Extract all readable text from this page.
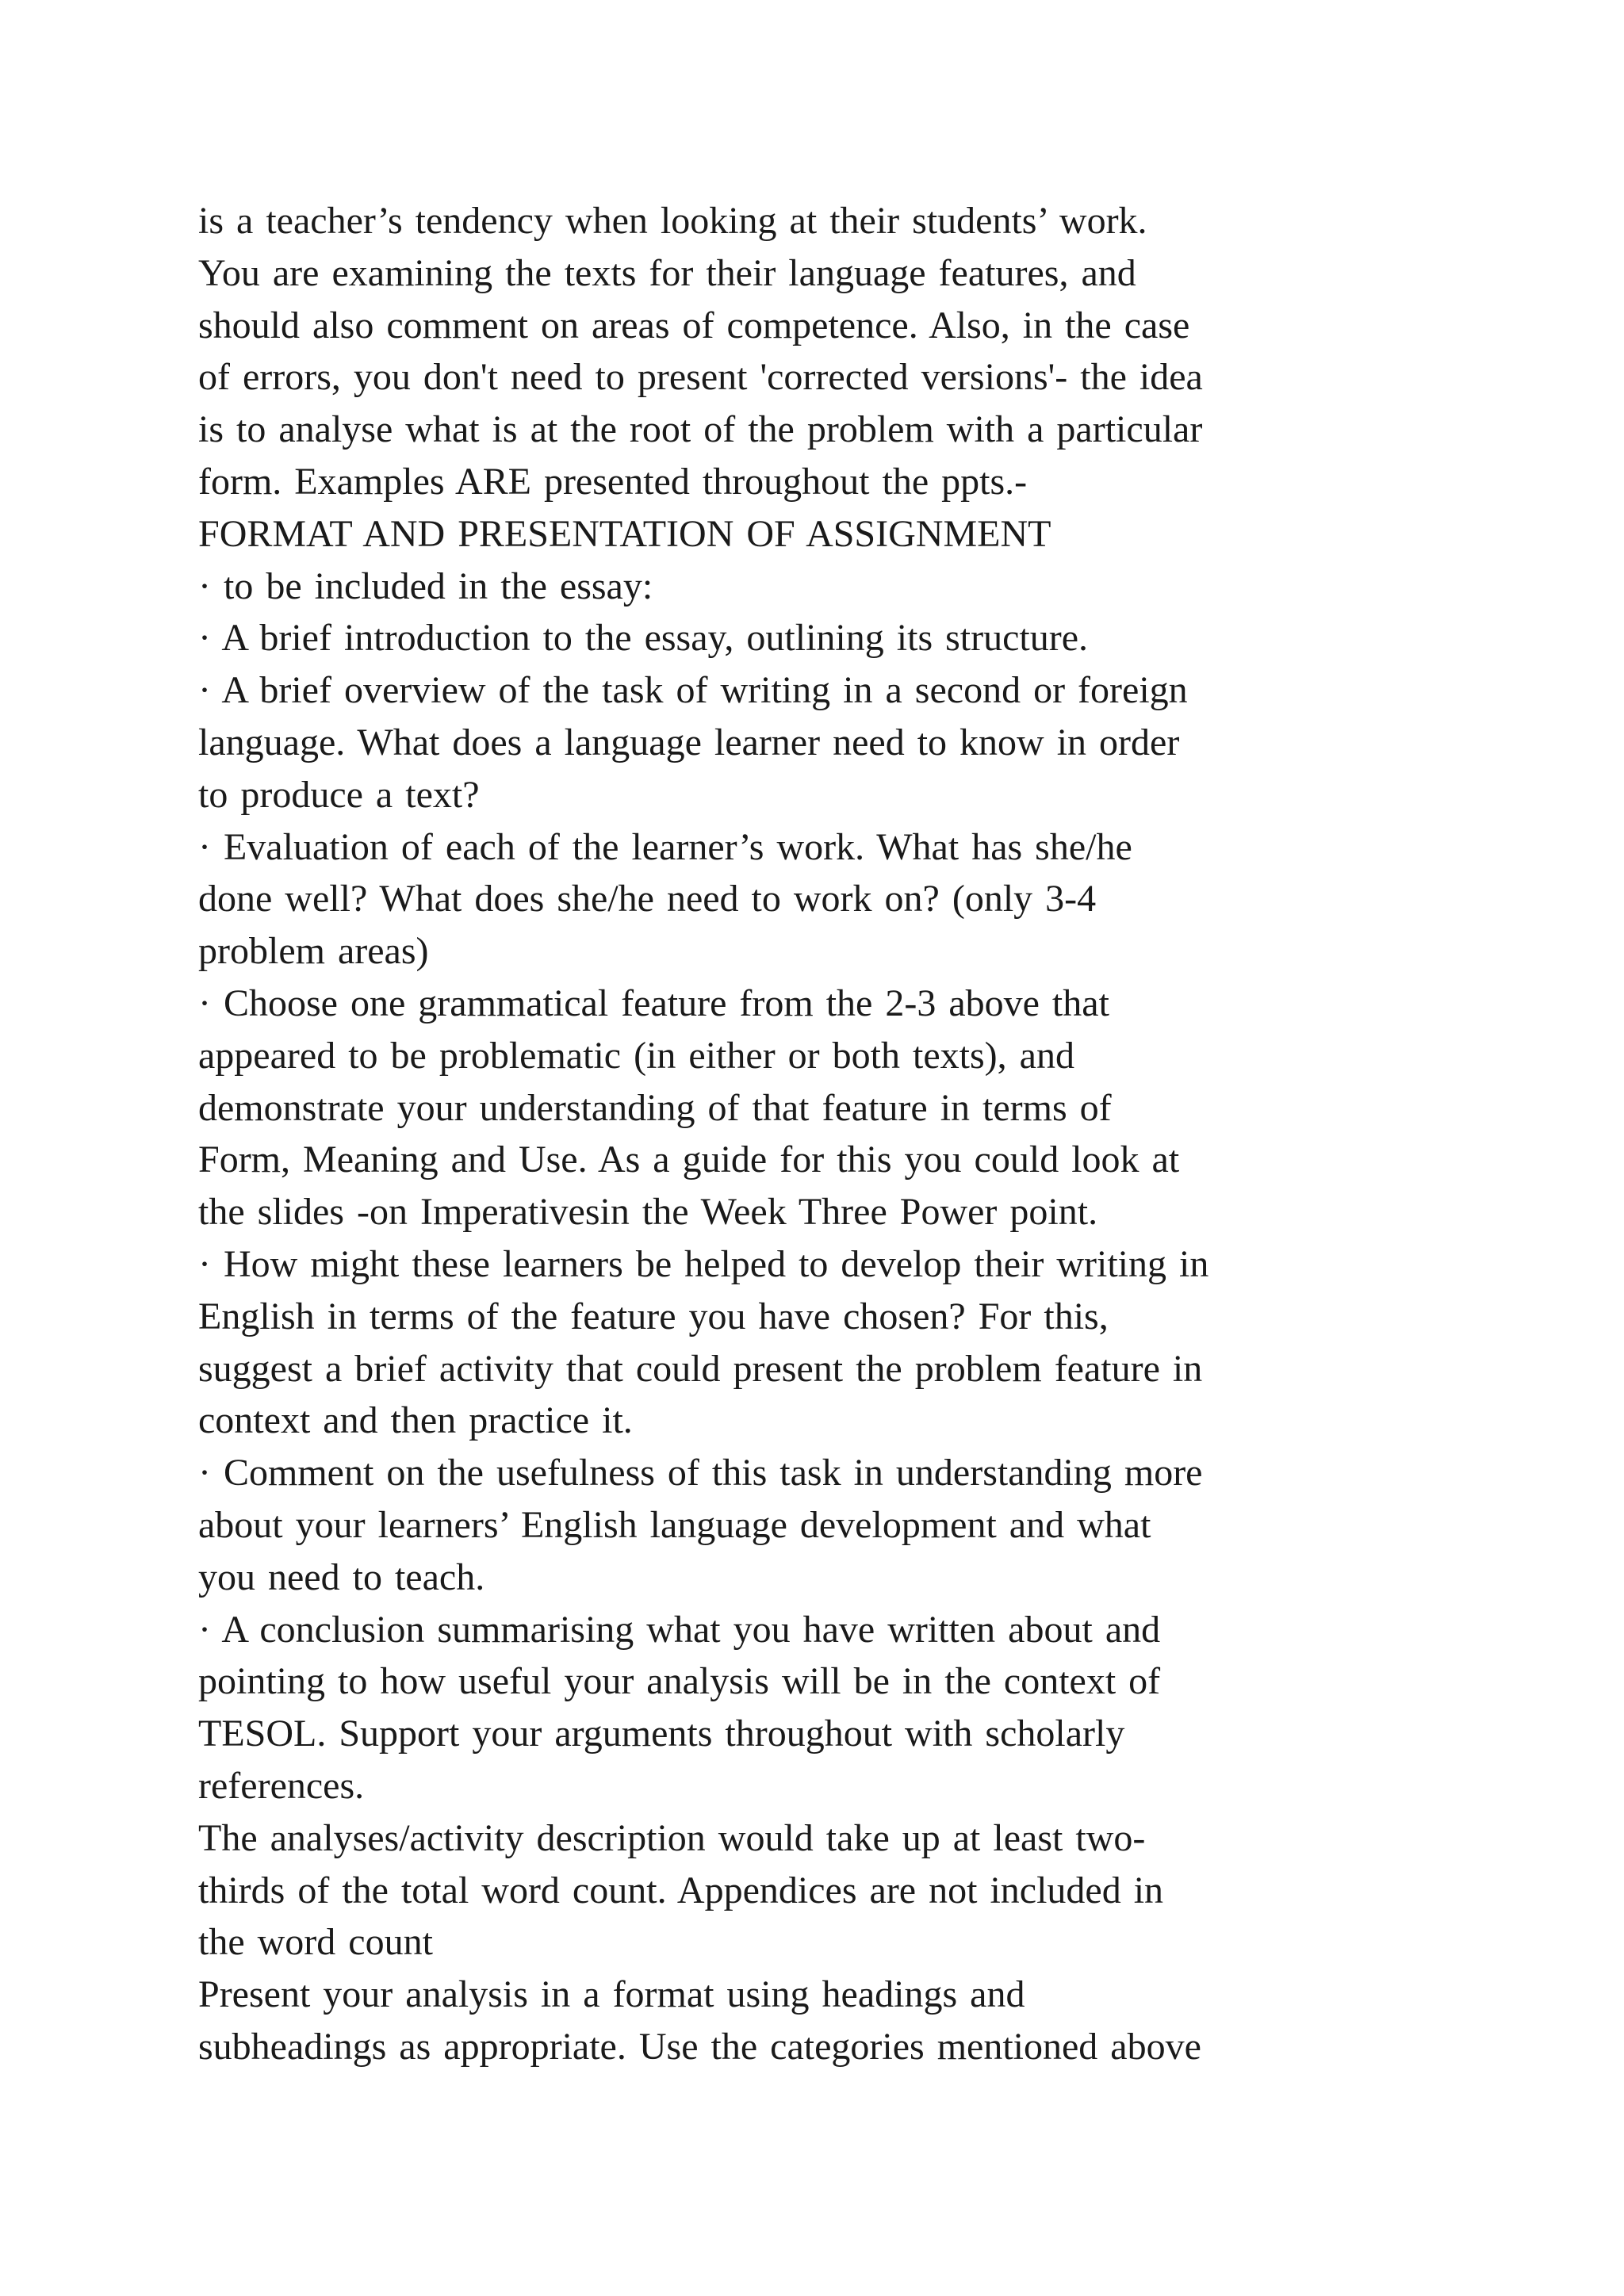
is a teacher’s tendency when looking at their students’ work.
You are examining the texts for their language features, and
should also comment on areas of competence. Also, in the case
of errors, you don't need to present 'corrected versions'- the idea
is to analyse what is at the root of the problem with a particular
form. Examples ARE presented throughout the ppts.-
FORMAT AND PRESENTATION OF ASSIGNMENT
· to be included in the essay:
· A brief introduction to the essay, outlining its structure.
· A brief overview of the task of writing in a second or foreign
language. What does a language learner need to know in order
to produce a text?
· Evaluation of each of the learner’s work. What has she/he
done well? What does she/he need to work on? (only 3-4
problem areas)
· Choose one grammatical feature from the 2-3 above that
appeared to be problematic (in either or both texts), and
demonstrate your understanding of that feature in terms of
Form, Meaning and Use. As a guide for this you could look at
the slides -on Imperativesin the Week Three Power point.
· How might these learners be helped to develop their writing in
English in terms of the feature you have chosen? For this,
suggest a brief activity that could present the problem feature in
context and then practice it.
· Comment on the usefulness of this task in understanding more
about your learners’ English language development and what
you need to teach.
· A conclusion summarising what you have written about and
pointing to how useful your analysis will be in the context of
TESOL. Support your arguments throughout with scholarly
references.
The analyses/activity description would take up at least two-
thirds of the total word count. Appendices are not included in
the word count
Present your analysis in a format using headings and
subheadings as appropriate. Use the categories mentioned above
